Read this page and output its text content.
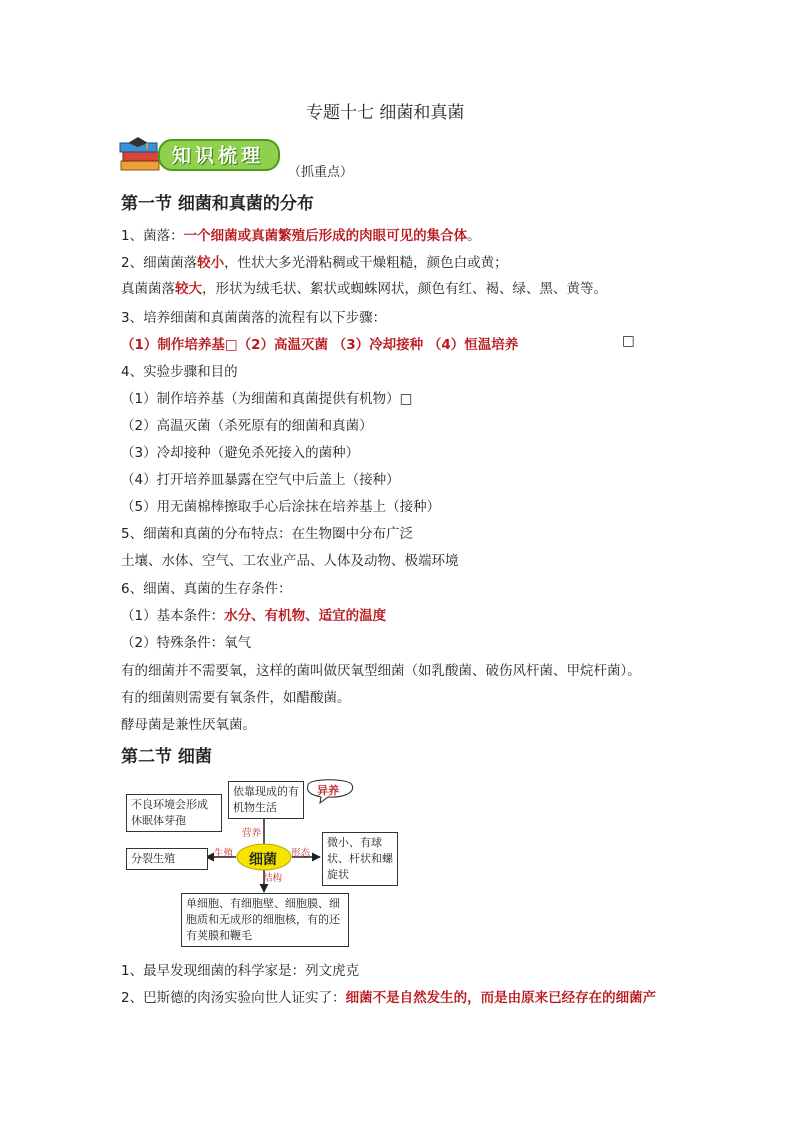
专题十七 细菌和真菌
知识梳理
（抓重点）
第一节 细菌和真菌的分布
1、菌落：一个细菌或真菌繁殖后形成的肉眼可见的集合体。
2、细菌菌落较小，性状大多光滑粘稠或干燥粗糙，颜色白或黄；
真菌菌落较大，形状为绒毛状、絮状或蜘蛛网状，颜色有红、褐、绿、黑、黄等。
3、培养细菌和真菌菌落的流程有以下步骤：
（1）制作培养基□（2）高温灭菌 （3）冷却接种 （4）恒温培养	□
4、实验步骤和目的
（1）制作培养基（为细菌和真菌提供有机物）□
（2）高温灭菌（杀死原有的细菌和真菌）
（3）冷却接种（避免杀死接入的菌种）
（4）打开培养皿暴露在空气中后盖上（接种）
（5）用无菌棉棒擦取手心后涂抹在培养基上（接种）
5、细菌和真菌的分布特点：在生物圈中分布广泛
土壤、水体、空气、工农业产品、人体及动物、极端环境
6、细菌、真菌的生存条件：
（1）基本条件：水分、有机物、适宜的温度
（2）特殊条件：氧气
有的细菌并不需要氧，这样的菌叫做厌氧型细菌（如乳酸菌、破伤风杆菌、甲烷杆菌）。
有的细菌则需要有氧条件，如醋酸菌。
酵母菌是兼性厌氧菌。
第二节 细菌
细菌
依靠现成的有机物生活
异养
营养
不良环境会形成休眠体芽孢
分裂生殖	生殖
微小、有球状、杆状和螺旋状
形态
结构
单细胞、有细胞壁、细胞膜、细胞质和无成形的细胞核，有的还有荚膜和鞭毛
1、最早发现细菌的科学家是：列文虎克
2、巴斯德的肉汤实验向世人证实了：细菌不是自然发生的，而是由原来已经存在的细菌产
